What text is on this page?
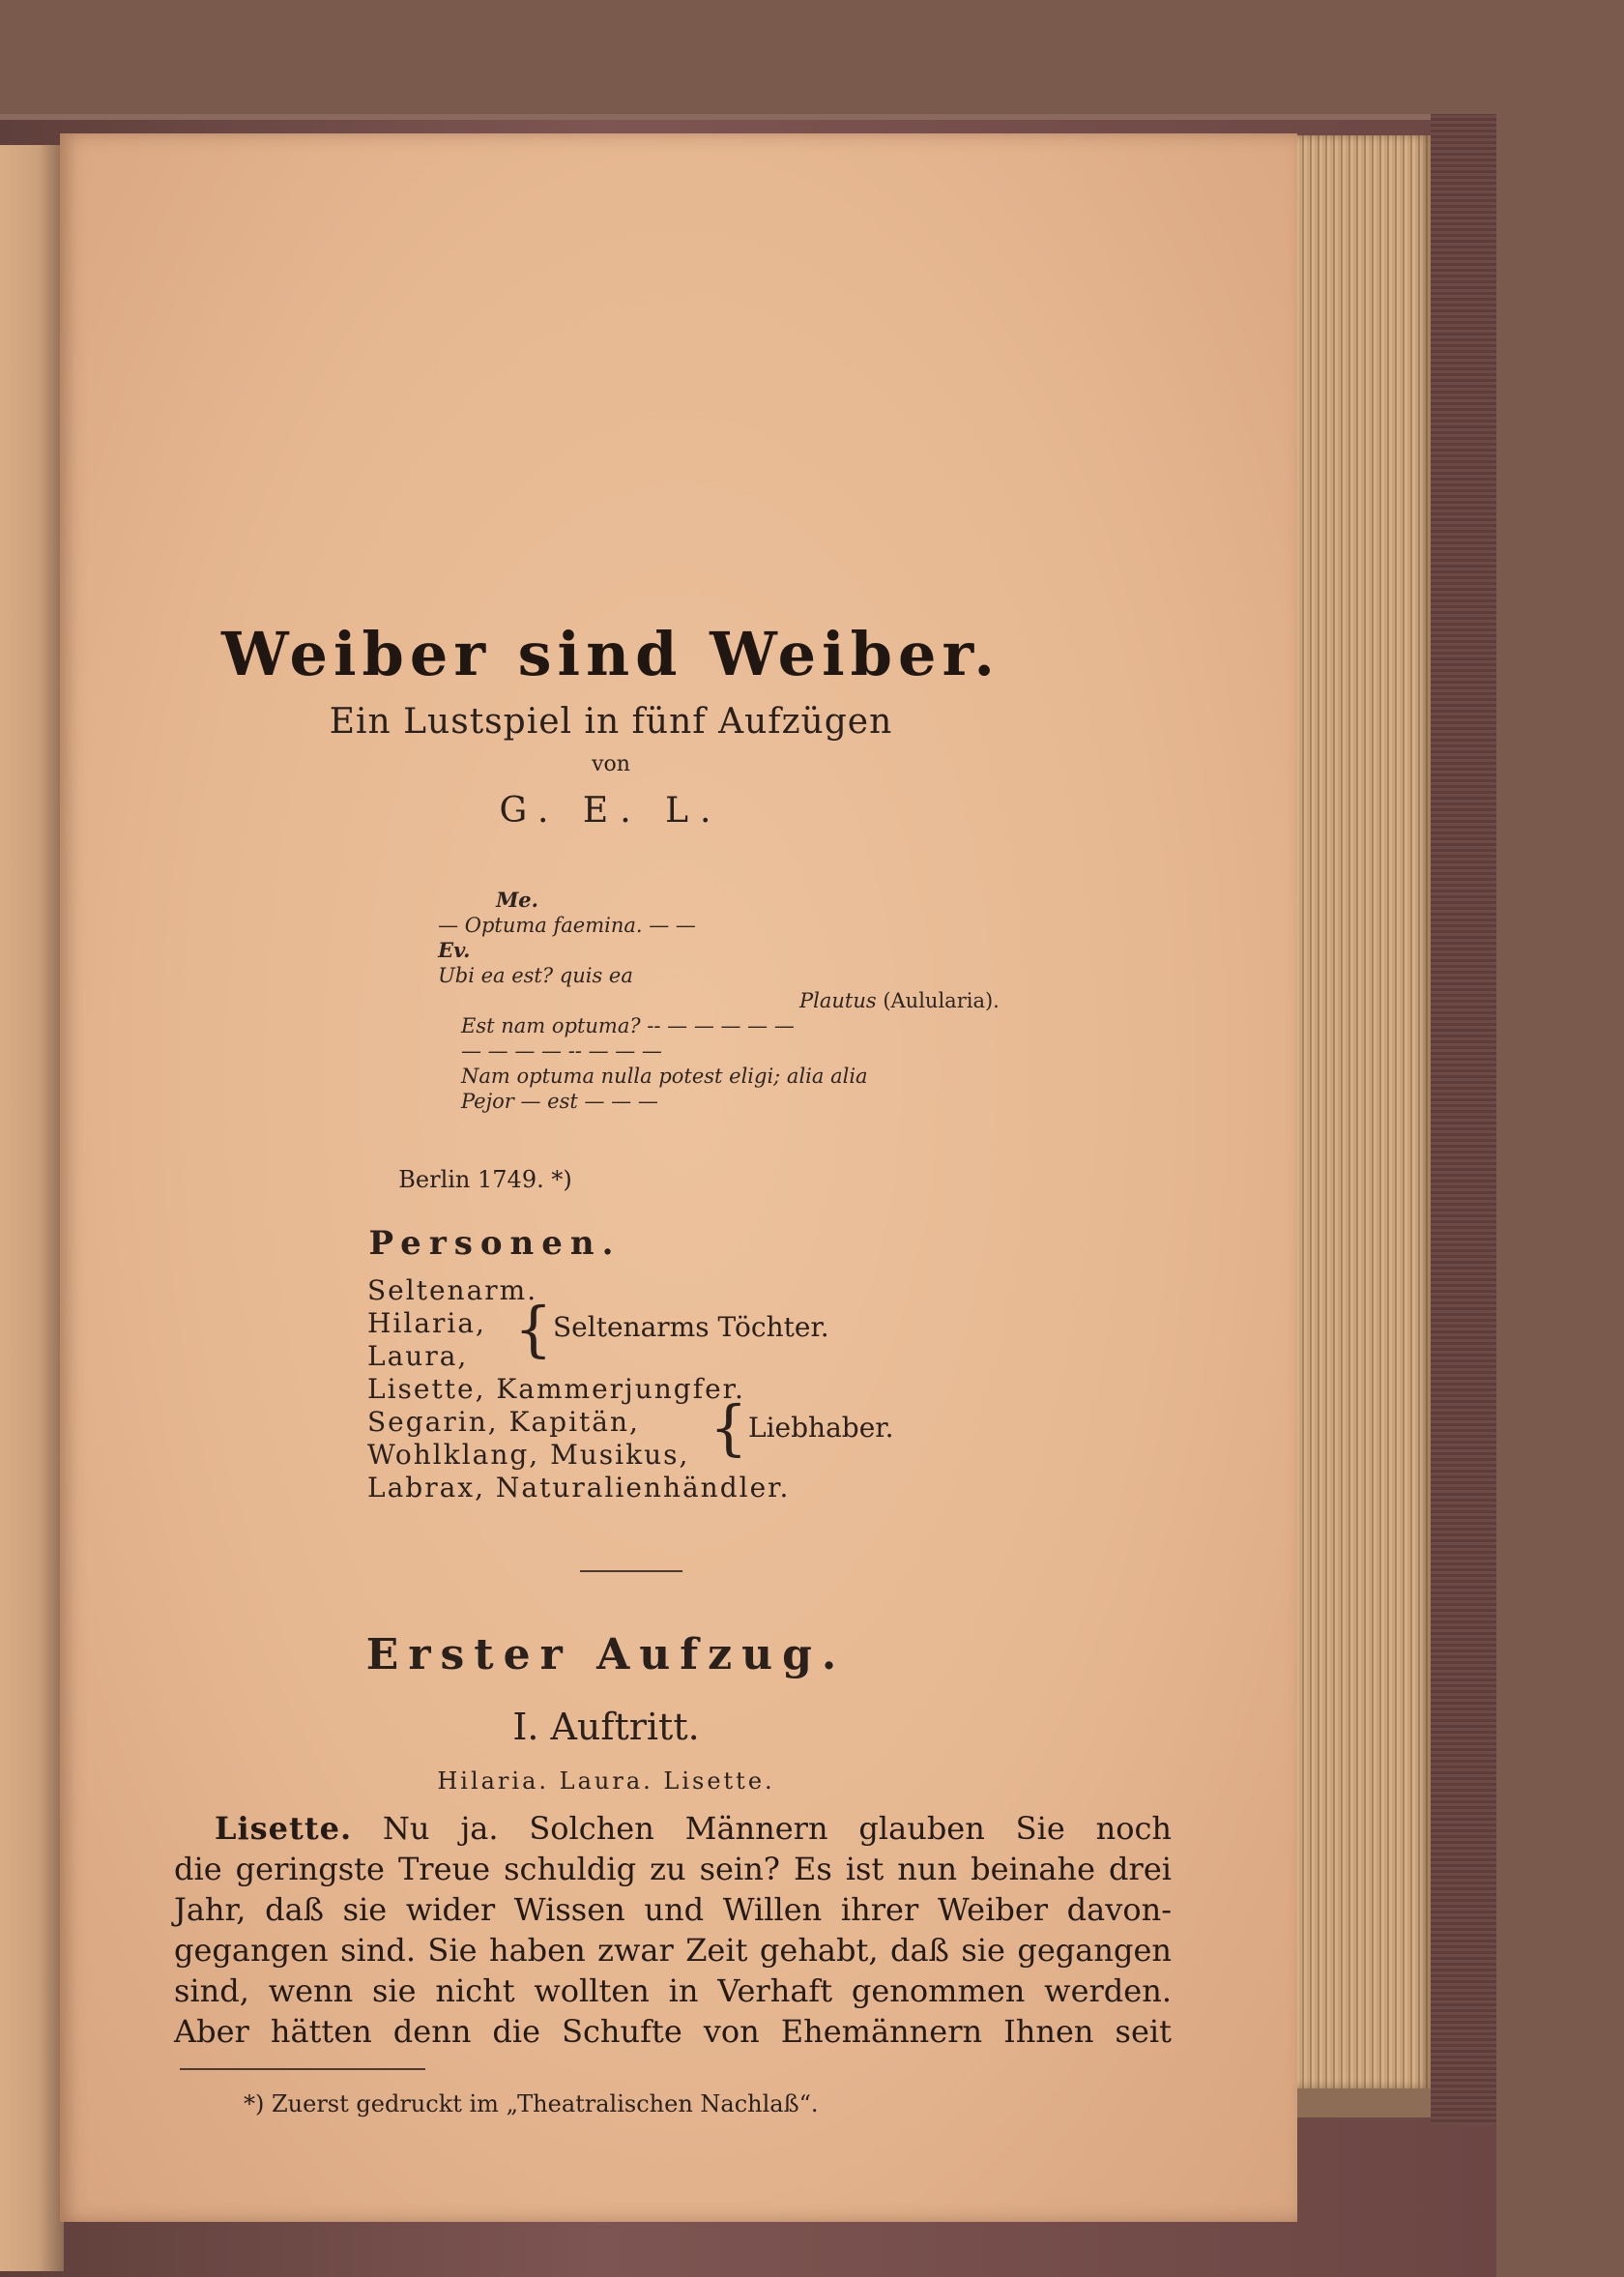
Weiber sind Weiber.
Ein Lustspiel in fünf Aufzügen
von
G. E. L.

Me.
— Optuma faemina. — —
Ev.
Ubi ea est? quis ea

Est nam optuma? -- — — — — —
— — — — -- — — —
Nam optuma nulla potest eligi; alia alia
Pejor — est — — —
Plautus (Aulularia).
Berlin 1749. *)
Personen.
Seltenarm.
Hilaria,
Laura,
Lisette, Kammerjungfer.
Segarin, Kapitän,
Wohlklang, Musikus,
Labrax, Naturalienhändler.
{ Seltenarms Töchter.
{ Liebhaber.
Erster Aufzug.
I. Auftritt.
Hilaria. Laura. Lisette.
Lisette. Nu ja. Solchen Männern glauben Sie noch
die geringste Treue schuldig zu sein? Es ist nun beinahe drei
Jahr, daß sie wider Wissen und Willen ihrer Weiber davon-
gegangen sind. Sie haben zwar Zeit gehabt, daß sie gegangen
sind, wenn sie nicht wollten in Verhaft genommen werden.
Aber hätten denn die Schufte von Ehemännern Ihnen seit
*) Zuerst gedruckt im „Theatralischen Nachlaß“.
